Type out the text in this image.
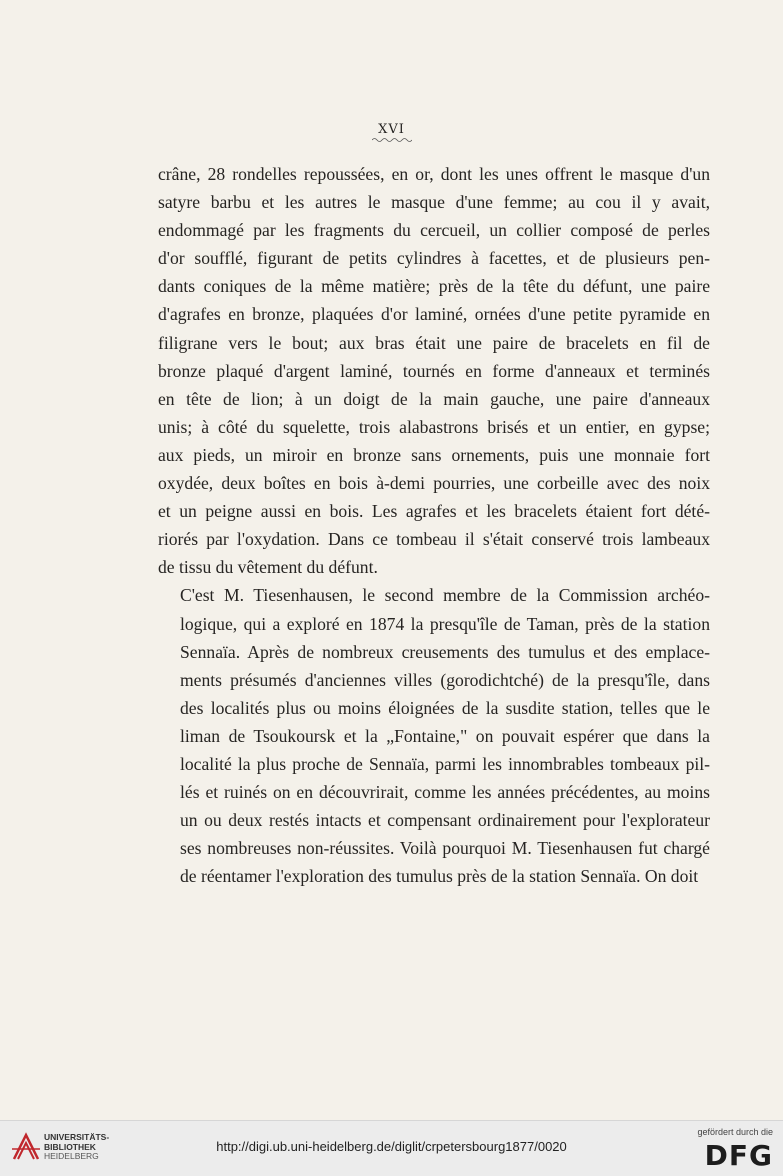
XVI
crâne, 28 rondelles repoussées, en or, dont les unes offrent le masque d'un
satyre barbu et les autres le masque d'une femme; au cou il y avait,
endommagé par les fragments du cercueil, un collier composé de perles
d'or soufflé, figurant de petits cylindres à facettes, et de plusieurs pen-
dants coniques de la même matière; près de la tête du défunt, une paire
d'agrafes en bronze, plaquées d'or laminé, ornées d'une petite pyramide en
filigrane vers le bout; aux bras était une paire de bracelets en fil de
bronze plaqué d'argent laminé, tournés en forme d'anneaux et terminés
en tête de lion; à un doigt de la main gauche, une paire d'anneaux
unis; à côté du squelette, trois alabastrons brisés et un entier, en gypse;
aux pieds, un miroir en bronze sans ornements, puis une monnaie fort
oxydée, deux boîtes en bois à-demi pourries, une corbeille avec des noix
et un peigne aussi en bois. Les agrafes et les bracelets étaient fort dété-
riorés par l'oxydation. Dans ce tombeau il s'était conservé trois lambeaux
de tissu du vêtement du défunt.
C'est M. Tiesenhausen, le second membre de la Commission archéo-
logique, qui a exploré en 1874 la presqu'île de Taman, près de la station
Sennaïa. Après de nombreux creusements des tumulus et des emplace-
ments présumés d'anciennes villes (gorodichtché) de la presqu'île, dans
des localités plus ou moins éloignées de la susdite station, telles que le
liman de Tsoukoursk et la „Fontaine," on pouvait espérer que dans la
localité la plus proche de Sennaïa, parmi les innombrables tombeaux pil-
lés et ruinés on en découvrirait, comme les années précédentes, au moins
un ou deux restés intacts et compensant ordinairement pour l'explorateur
ses nombreuses non-réussites. Voilà pourquoi M. Tiesenhausen fut chargé
de réentamer l'exploration des tumulus près de la station Sennaïa. On doit
UNIVERSITÄTS-
BIBLIOTHEK
HEIDELBERG
http://digi.ub.uni-heidelberg.de/diglit/crpetersbourg1877/0020
gefördert durch die
DFG
